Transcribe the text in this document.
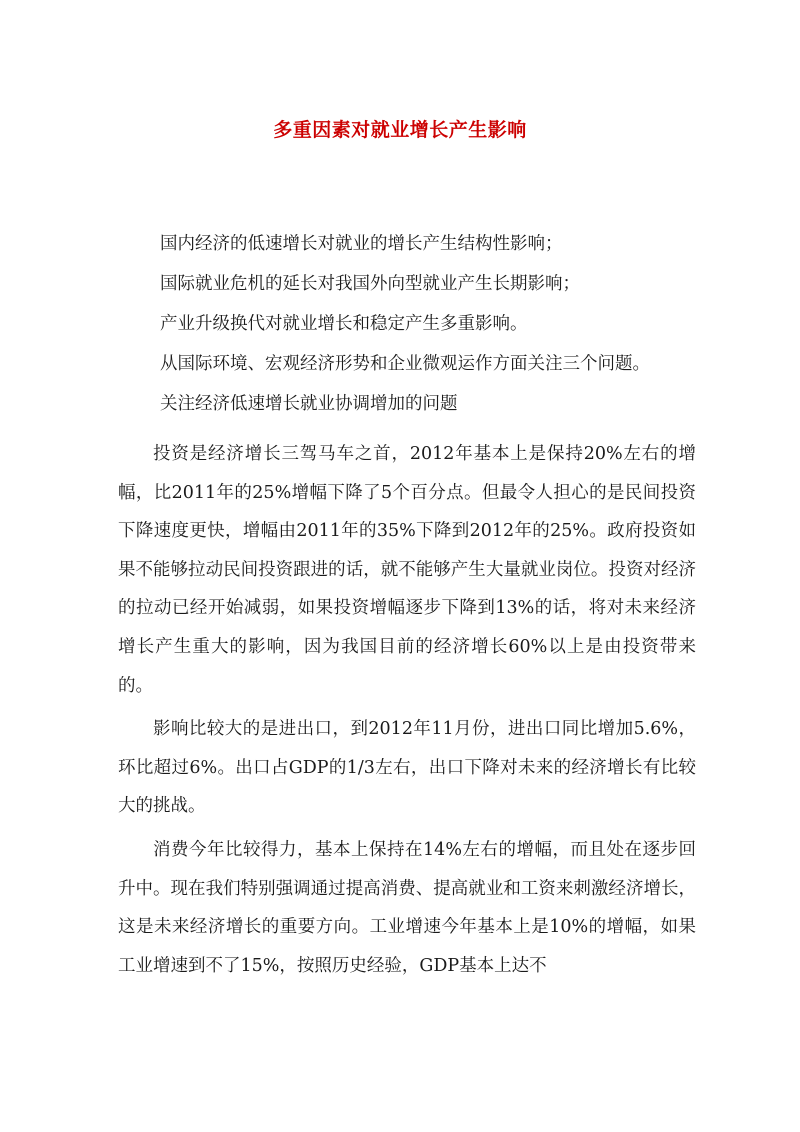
多重因素对就业增长产生影响

国内经济的低速增长对就业的增长产生结构性影响；

国际就业危机的延长对我国外向型就业产生长期影响；

产业升级换代对就业增长和稳定产生多重影响。

从国际环境、宏观经济形势和企业微观运作方面关注三个问题。

关注经济低速增长就业协调增加的问题

投资是经济增长三驾马车之首，2012年基本上是保持20%左右的增幅，比2011年的25%增幅下降了5个百分点。但最令人担心的是民间投资下降速度更快，增幅由2011年的35%下降到2012年的25%。政府投资如果不能够拉动民间投资跟进的话，就不能够产生大量就业岗位。投资对经济的拉动已经开始减弱，如果投资增幅逐步下降到13%的话，将对未来经济增长产生重大的影响，因为我国目前的经济增长60%以上是由投资带来的。

影响比较大的是进出口，到2012年11月份，进出口同比增加5.6%，环比超过6%。出口占GDP的1/3左右，出口下降对未来的经济增长有比较大的挑战。

消费今年比较得力，基本上保持在14%左右的增幅，而且处在逐步回升中。现在我们特别强调通过提高消费、提高就业和工资来刺激经济增长，这是未来经济增长的重要方向。工业增速今年基本上是10%的增幅，如果工业增速到不了15%，按照历史经验，GDP基本上达不
